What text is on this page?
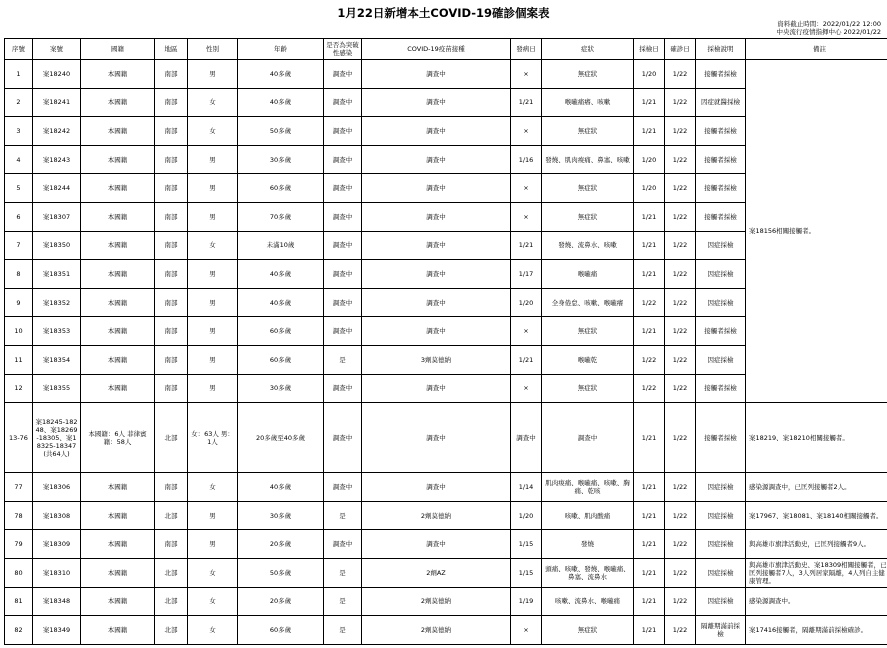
1月22日新增本土COVID-19確診個案表
資料截止時間：2022/01/22 12:00
中央流行疫情指揮中心 2022/01/22
序號	案號	國籍	地區	性別	年齡	是否為突破性感染	COVID-19疫苗接種	發病日	症狀	採檢日	確診日	採檢說明	備註
1	案18240	本國籍	南部	男	40多歲	調查中	調查中	×	無症狀	1/20	1/22	接觸者採檢	案18156相關接觸者。
2	案18241	本國籍	南部	女	40多歲	調查中	調查中	1/21	喉嚨痛癢、咳嗽	1/21	1/22	因症就醫採檢	
3	案18242	本國籍	南部	女	50多歲	調查中	調查中	×	無症狀	1/21	1/22	接觸者採檢	
4	案18243	本國籍	南部	男	30多歲	調查中	調查中	1/16	發燒、肌肉痠痛、鼻塞、咳嗽	1/20	1/22	接觸者採檢	
5	案18244	本國籍	南部	男	60多歲	調查中	調查中	×	無症狀	1/20	1/22	接觸者採檢	
6	案18307	本國籍	南部	男	70多歲	調查中	調查中	×	無症狀	1/21	1/22	接觸者採檢	
7	案18350	本國籍	南部	女	未滿10歲	調查中	調查中	1/21	發燒、流鼻水、咳嗽	1/21	1/22	因症採檢	
8	案18351	本國籍	南部	男	40多歲	調查中	調查中	1/17	喉嚨痛	1/21	1/22	因症採檢	
9	案18352	本國籍	南部	男	40多歲	調查中	調查中	1/20	全身倦怠、咳嗽、喉嚨癢	1/22	1/22	因症採檢	
10	案18353	本國籍	南部	男	60多歲	調查中	調查中	×	無症狀	1/21	1/22	接觸者採檢	
11	案18354	本國籍	南部	男	60多歲	是	3劑莫德納	1/21	喉嚨乾	1/22	1/22	因症採檢	
12	案18355	本國籍	南部	男	30多歲	調查中	調查中	×	無症狀	1/22	1/22	接觸者採檢	
13-76	案18245-18248、案18269-18305、案18325-18347 (共64人)	本國籍：6人 菲律賓籍：58人	北部	女：63人 男：1人	20多歲至40多歲	調查中	調查中	調查中	調查中	1/21	1/22	接觸者採檢	案18219、案18210相關接觸者。
77	案18306	本國籍	南部	女	40多歲	調查中	調查中	1/14	肌肉痠痛、喉嚨痛、咳嗽、胸痛、乾咳	1/21	1/22	因症採檢	感染源調查中，已匡列接觸者2人。
78	案18308	本國籍	北部	男	30多歲	是	2劑莫德納	1/20	咳嗽、肌肉酸痛	1/21	1/22	因症採檢	案17967、案18081、案18140相關接觸者。
79	案18309	本國籍	南部	男	20多歲	調查中	調查中	1/15	發燒	1/21	1/22	因症採檢	與高雄市旗津活動史，已匡列接觸者9人。
80	案18310	本國籍	北部	女	50多歲	是	2劑AZ	1/15	頭痛、咳嗽、發燒、喉嚨痛、鼻塞、流鼻水	1/21	1/22	因症採檢	與高雄市旗津活動史、案18309相關接觸者，已匡列接觸者7人，3人列居家隔離，4人列自主健康管理。
81	案18348	本國籍	北部	女	20多歲	是	2劑莫德納	1/19	咳嗽、流鼻水、喉嚨痛	1/21	1/22	因症採檢	感染源調查中。
82	案18349	本國籍	北部	女	60多歲	是	2劑莫德納	×	無症狀	1/21	1/22	隔離期滿前採檢	案17416接觸者，隔離期滿前採檢確診。
